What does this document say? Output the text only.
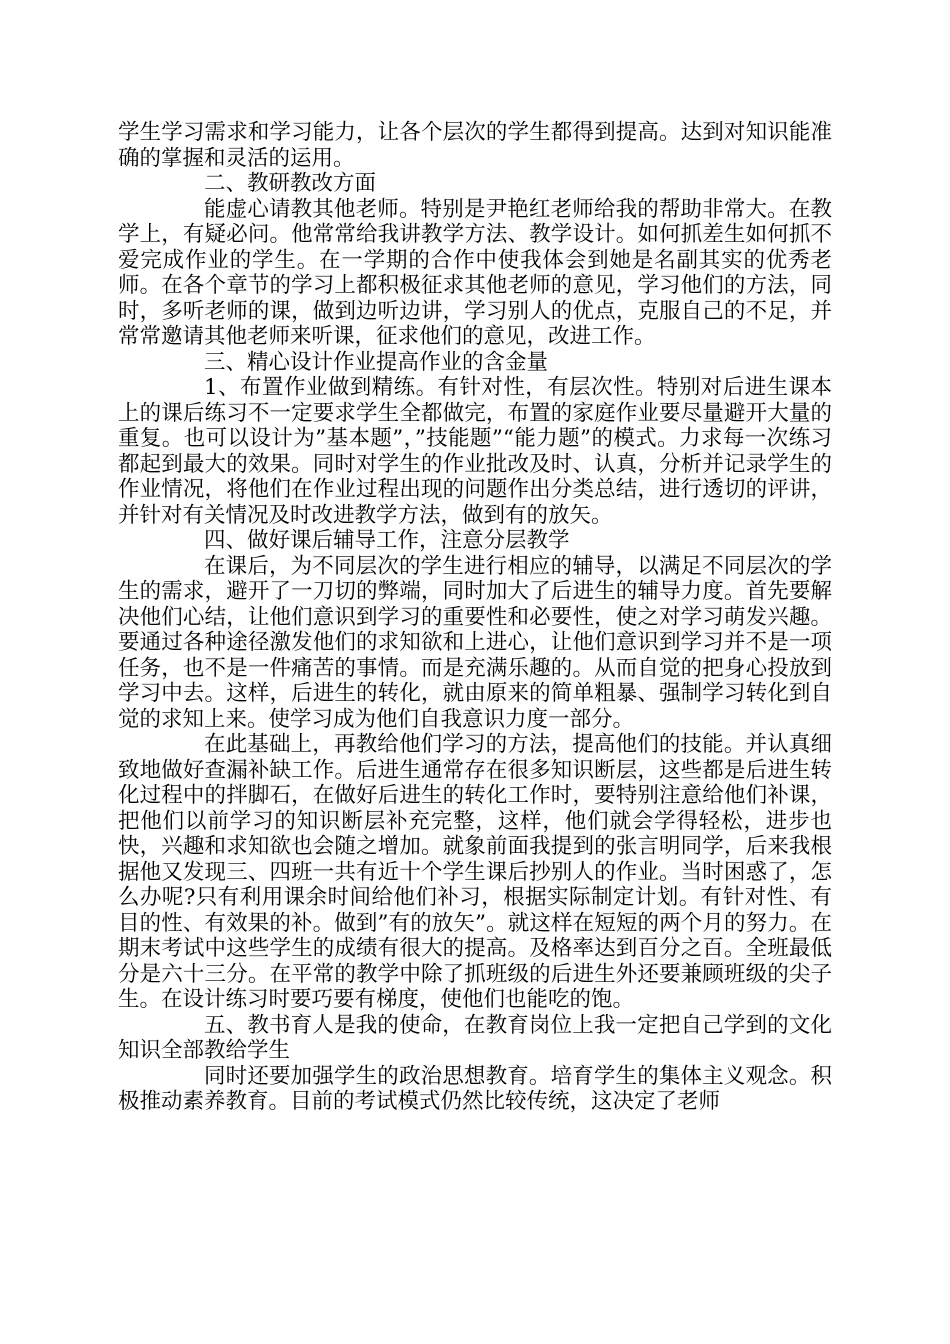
学生学习需求和学习能力，让各个层次的学生都得到提高。达到对知识能准确的掌握和灵活的运用。

二、教研教改方面

能虚心请教其他老师。特别是尹艳红老师给我的帮助非常大。在教学上，有疑必问。他常常给我讲教学方法、教学设计。如何抓差生如何抓不爱完成作业的学生。在一学期的合作中使我体会到她是名副其实的优秀老师。在各个章节的学习上都积极征求其他老师的意见，学习他们的方法，同时，多听老师的课，做到边听边讲，学习别人的优点，克服自己的不足，并常常邀请其他老师来听课，征求他们的意见，改进工作。

三、精心设计作业提高作业的含金量

1、布置作业做到精练。有针对性，有层次性。特别对后进生课本上的课后练习不一定要求学生全都做完，布置的家庭作业要尽量避开大量的重复。也可以设计为”基本题”，”技能题”“能力题”的模式。力求每一次练习都起到最大的效果。同时对学生的作业批改及时、认真，分析并记录学生的作业情况，将他们在作业过程出现的问题作出分类总结，进行透切的评讲，并针对有关情况及时改进教学方法，做到有的放矢。

四、做好课后辅导工作，注意分层教学

在课后，为不同层次的学生进行相应的辅导，以满足不同层次的学生的需求，避开了一刀切的弊端，同时加大了后进生的辅导力度。首先要解决他们心结，让他们意识到学习的重要性和必要性，使之对学习萌发兴趣。要通过各种途径激发他们的求知欲和上进心，让他们意识到学习并不是一项任务，也不是一件痛苦的事情。而是充满乐趣的。从而自觉的把身心投放到学习中去。这样，后进生的转化，就由原来的简单粗暴、强制学习转化到自觉的求知上来。使学习成为他们自我意识力度一部分。

在此基础上，再教给他们学习的方法，提高他们的技能。并认真细致地做好查漏补缺工作。后进生通常存在很多知识断层，这些都是后进生转化过程中的拌脚石，在做好后进生的转化工作时，要特别注意给他们补课，把他们以前学习的知识断层补充完整，这样，他们就会学得轻松，进步也快，兴趣和求知欲也会随之增加。就象前面我提到的张言明同学，后来我根据他又发现三、四班一共有近十个学生课后抄别人的作业。当时困惑了，怎么办呢?只有利用课余时间给他们补习，根据实际制定计划。有针对性、有目的性、有效果的补。做到”有的放矢”。就这样在短短的两个月的努力。在期末考试中这些学生的成绩有很大的提高。及格率达到百分之百。全班最低分是六十三分。在平常的教学中除了抓班级的后进生外还要兼顾班级的尖子生。在设计练习时要巧要有梯度，使他们也能吃的饱。

五、教书育人是我的使命，在教育岗位上我一定把自己学到的文化知识全部教给学生

同时还要加强学生的政治思想教育。培育学生的集体主义观念。积极推动素养教育。目前的考试模式仍然比较传统，这决定了老师
